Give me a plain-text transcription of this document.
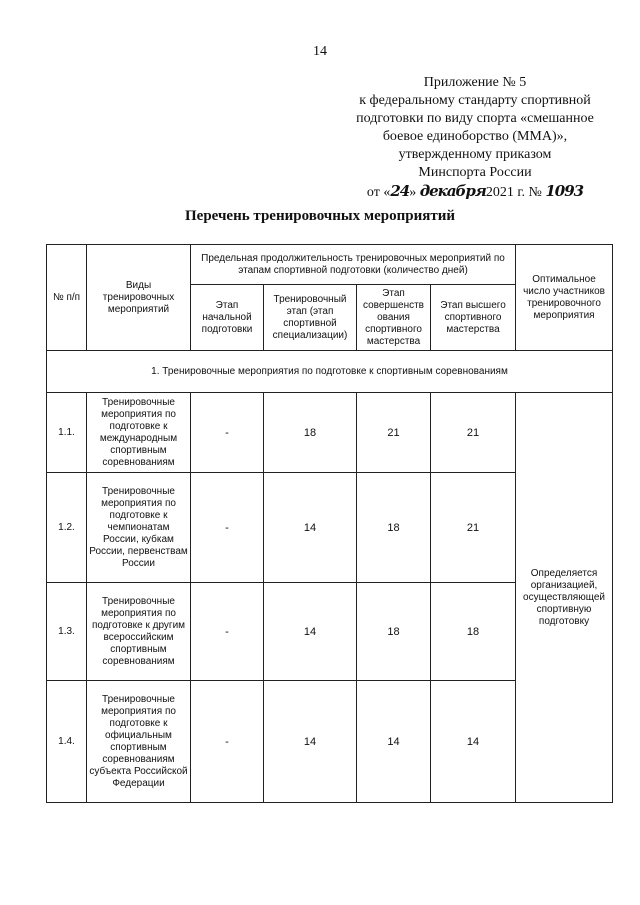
14
Приложение № 5
к федеральному стандарту спортивной
подготовки по виду спорта «смешанное
боевое единоборство (ММА)»,
утвержденному приказом
Минспорта России
от «24» декабря2021 г. № 1093
Перечень тренировочных мероприятий
№ п/п	Виды тренировочных мероприятий	Предельная продолжительность тренировочных мероприятий по этапам спортивной подготовки (количество дней)				Оптимальное число участников тренировочного мероприятия
		Этап начальной подготовки	Тренировочный этап (этап спортивной специализации)	Этап совершенств ования спортивного мастерства	Этап высшего спортивного мастерства	
1. Тренировочные мероприятия по подготовке к спортивным соревнованиям						
1.1.	Тренировочные мероприятия по подготовке к международным спортивным соревнованиям	-	18	21	21	Определяется организацией, осуществляющей спортивную подготовку
1.2.	Тренировочные мероприятия по подготовке к чемпионатам России, кубкам России, первенствам России	-	14	18	21	
1.3.	Тренировочные мероприятия по подготовке к другим всероссийским спортивным соревнованиям	-	14	18	18	
1.4.	Тренировочные мероприятия по подготовке к официальным спортивным соревнованиям субъекта Российской Федерации	-	14	14	14	
